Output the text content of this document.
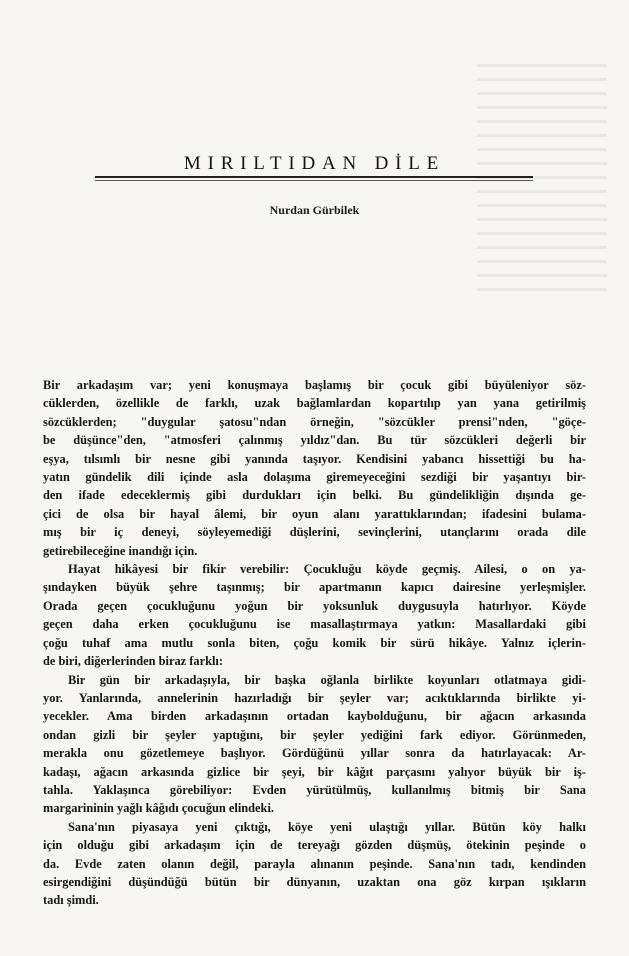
MIRILTIDAN DİLE
Nurdan Gürbilek
Bir arkadaşım var; yeni konuşmaya başlamış bir çocuk gibi büyüleniyor söz-
cüklerden, özellikle de farklı, uzak bağlamlardan kopartılıp yan yana getirilmiş
sözcüklerden; "duygular şatosu"ndan örneğin, "sözcükler prensi"nden, "göçe-
be düşünce"den, "atmosferi çalınmış yıldız"dan. Bu tür sözcükleri değerli bir
eşya, tılsımlı bir nesne gibi yanında taşıyor. Kendisini yabancı hissettiği bu ha-
yatın gündelik dili içinde asla dolaşıma giremeyeceğini sezdiği bir yaşantıyı bir-
den ifade edeceklermiş gibi durdukları için belki. Bu gündelikliğin dışında ge-
çici de olsa bir hayal âlemi, bir oyun alanı yarattıklarından; ifadesini bulama-
mış bir iç deneyi, söyleyemediği düşlerini, sevinçlerini, utançlarını orada dile
getirebileceğine inandığı için.
Hayat hikâyesi bir fikir verebilir: Çocukluğu köyde geçmiş. Ailesi, o on ya-
şındayken büyük şehre taşınmış; bir apartmanın kapıcı dairesine yerleşmişler.
Orada geçen çocukluğunu yoğun bir yoksunluk duygusuyla hatırlıyor. Köyde
geçen daha erken çocukluğunu ise masallaştırmaya yatkın: Masallardaki gibi
çoğu tuhaf ama mutlu sonla biten, çoğu komik bir sürü hikâye. Yalnız içlerin-
de biri, diğerlerinden biraz farklı:
Bir gün bir arkadaşıyla, bir başka oğlanla birlikte koyunları otlatmaya gidi-
yor. Yanlarında, annelerinin hazırladığı bir şeyler var; acıktıklarında birlikte yi-
yecekler. Ama birden arkadaşının ortadan kaybolduğunu, bir ağacın arkasında
ondan gizli bir şeyler yaptığını, bir şeyler yediğini fark ediyor. Görünmeden,
merakla onu gözetlemeye başlıyor. Gördüğünü yıllar sonra da hatırlayacak: Ar-
kadaşı, ağacın arkasında gizlice bir şeyi, bir kâğıt parçasını yalıyor büyük bir iş-
tahla. Yaklaşınca görebiliyor: Evden yürütülmüş, kullanılmış bitmiş bir Sana
margarininin yağlı kâğıdı çocuğun elindeki.
Sana'nın piyasaya yeni çıktığı, köye yeni ulaştığı yıllar. Bütün köy halkı
için olduğu gibi arkadaşım için de tereyağı gözden düşmüş, ötekinin peşinde o
da. Evde zaten olanın değil, parayla alınanın peşinde. Sana'nın tadı, kendinden
esirgendiğini düşündüğü bütün bir dünyanın, uzaktan ona göz kırpan ışıkların
tadı şimdi.
